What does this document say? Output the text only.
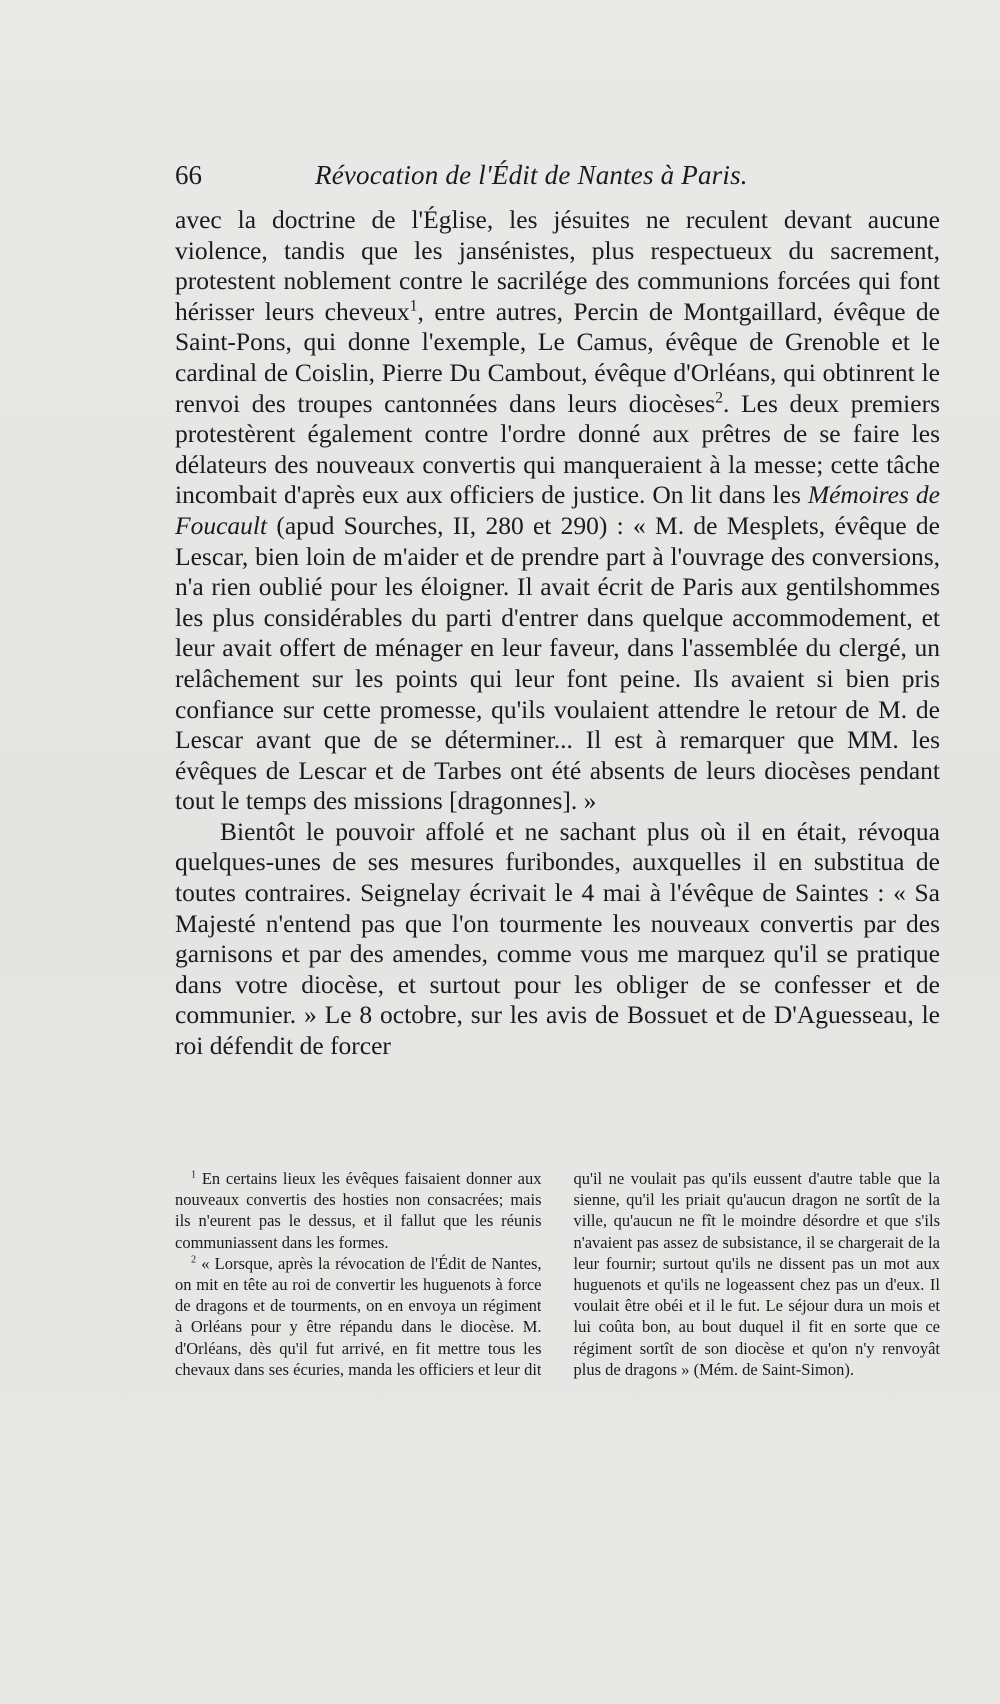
66	Révocation de l'Édit de Nantes à Paris.

avec la doctrine de l'Église, les jésuites ne reculent devant aucune violence, tandis que les jansénistes, plus respectueux du sacrement, protestent noblement contre le sacrilége des communions forcées qui font hérisser leurs cheveux$^1$, entre autres, Percin de Montgaillard, évêque de Saint-Pons, qui donne l'exemple, Le Camus, évêque de Grenoble et le cardinal de Coislin, Pierre Du Cambout, évêque d'Orléans, qui obtinrent le renvoi des troupes cantonnées dans leurs diocèses$^2$. Les deux premiers protestèrent également contre l'ordre donné aux prêtres de se faire les délateurs des nouveaux convertis qui manqueraient à la messe; cette tâche incombait d'après eux aux officiers de justice. On lit dans les Mémoires de Foucault (apud Sourches, II, 280 et 290) : « M. de Mesplets, évêque de Lescar, bien loin de m'aider et de prendre part à l'ouvrage des conversions, n'a rien oublié pour les éloigner. Il avait écrit de Paris aux gentilshommes les plus considérables du parti d'entrer dans quelque accommodement, et leur avait offert de ménager en leur faveur, dans l'assemblée du clergé, un relâchement sur les points qui leur font peine. Ils avaient si bien pris confiance sur cette promesse, qu'ils voulaient attendre le retour de M. de Lescar avant que de se déterminer... Il est à remarquer que MM. les évêques de Lescar et de Tarbes ont été absents de leurs diocèses pendant tout le temps des missions [dragonnes]. »

Bientôt le pouvoir affolé et ne sachant plus où il en était, révoqua quelques-unes de ses mesures furibondes, auxquelles il en substitua de toutes contraires. Seignelay écrivait le 4 mai à l'évêque de Saintes : « Sa Majesté n'entend pas que l'on tourmente les nouveaux convertis par des garnisons et par des amendes, comme vous me marquez qu'il se pratique dans votre diocèse, et surtout pour les obliger de se confesser et de communier. » Le 8 octobre, sur les avis de Bossuet et de D'Aguesseau, le roi défendit de forcer

$^1$ En certains lieux les évêques faisaient donner aux nouveaux convertis des hosties non consacrées; mais ils n'eurent pas le dessus, et il fallut que les réunis communiassent dans les formes.

$^2$ « Lorsque, après la révocation de l'Édit de Nantes, on mit en tête au roi de convertir les huguenots à force de dragons et de tourments, on en envoya un régiment à Orléans pour y être répandu dans le diocèse. M. d'Orléans, dès qu'il fut arrivé, en fit mettre tous les chevaux dans ses écuries, manda les officiers et leur dit qu'il ne voulait pas qu'ils eussent d'autre table que la sienne, qu'il les priait qu'aucun dragon ne sortît de la ville, qu'aucun ne fît le moindre désordre et que s'ils n'avaient pas assez de subsistance, il se chargerait de la leur fournir; surtout qu'ils ne dissent pas un mot aux huguenots et qu'ils ne logeassent chez pas un d'eux. Il voulait être obéi et il le fut. Le séjour dura un mois et lui coûta bon, au bout duquel il fit en sorte que ce régiment sortît de son diocèse et qu'on n'y renvoyât plus de dragons » (Mém. de Saint-Simon).
